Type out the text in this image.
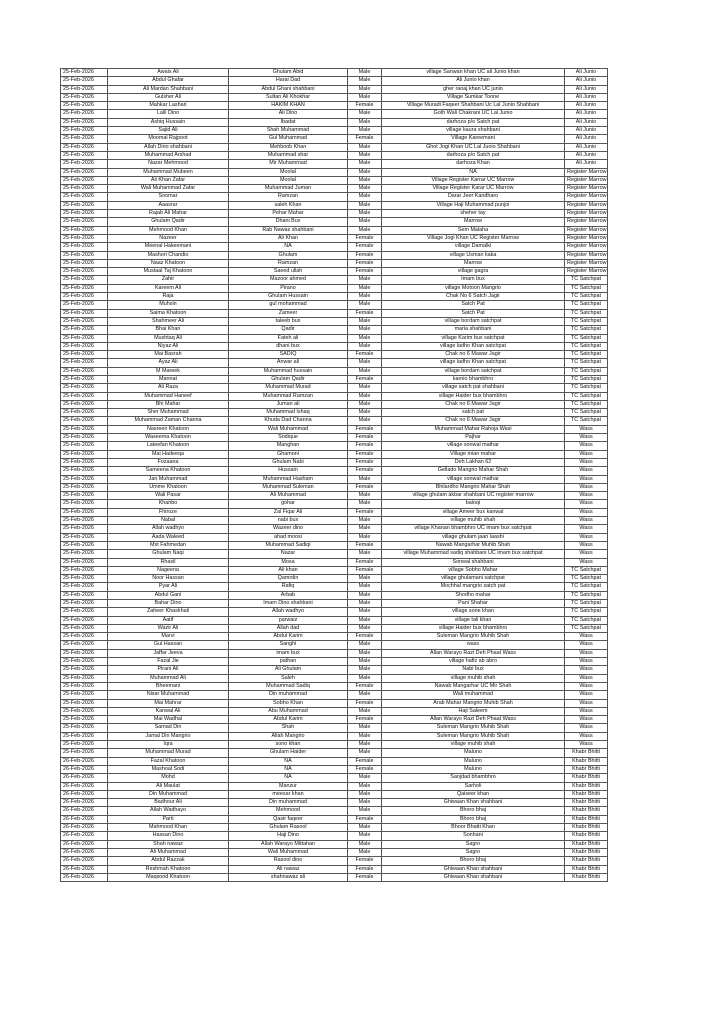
25-Feb-2026	Awais Ali	Ghulam Abid	Male	village Sanwan khan UC ali Junio khan	Ali Junio
25-Feb-2026	Abdul Ghafar	Haral Dad	Male	Ali Junio khan	Ali Junio
25-Feb-2026	Ali Mardan Shahbani	Abdul Ghani shahbani	Male	gher raoaj khan UC junio	Ali Junio
25-Feb-2026	Gulsher Ali	Sultan Ali Khokhar	Male	Village Sumkar Toone	Ali Junio
25-Feb-2026	Mahkar Lashari	HAKIM KHAN	Female	Village Muradi Faqeer Shahbani Uc Lal Junio Shahbani	Ali Junio
25-Feb-2026	Lalil Dino	Ali Dino	Male	Goth Wali Chakrani UC Lal Junio	Ali Junio
25-Feb-2026	Ashiq Hussain	Ibadat	Male	darhoza p/o Satch pat	Ali Junio
25-Feb-2026	Sajid Ali	Shah Muhammad	Male	village kaura shahbani	Ali Junio
25-Feb-2026	Moomal Rajpoot	Gul Muhammad	Female	Village Kareemani	Ali Junio
25-Feb-2026	Allah Dino shahbani	Mehboob Khan	Male	Ghot Jogi Khan UC Lal Junio Shahbani	Ali Junio
25-Feb-2026	Muhammad Arshad	Muhammad shar	Male	darhoza p/o Satch pat	Ali Junio
25-Feb-2026	Nazar Mehmood	Mir Muhammad	Male	darhoza Khan	Ali Junio
25-Feb-2026	Muhammad Mubeen	Moolal	Male	NA	Register Marrow
25-Feb-2026	Ali Khan Zafar	Moolal	Male	Village Register Karrar UC Marrow	Register Marrow
25-Feb-2026	Wali Muhammad Zafar	Muhammad Juman	Male	Village Register Karar UC Marrow	Register Marrow
25-Feb-2026	Soomar	Ramzan	Male	Darar Jeer Kandharo	Register Marrow
25-Feb-2026	Aaasrar	saleh Khan	Male	Village Haji Muhammad punjoi	Register Marrow
25-Feb-2026	Rajab Ali Mahar	Pehar Mahar	Male	sheher tay	Register Marrow
25-Feb-2026	Ghulam Qadir	Dhani Bux	Male	Marrow	Register Marrow
25-Feb-2026	Mehmood Khan	Rab Nawaz shahbani	Male	Sem Malaha	Register Marrow
25-Feb-2026	Nazeer	Ali Khan	Female	Village Jogi Khan UC Register Marrow	Register Marrow
25-Feb-2026	Meenal Hakeemani	NA	Female	village Damalki	Register Marrow
25-Feb-2026	Mashori Chandio	Ghulam	Female	village Usman kaka	Register Marrow
25-Feb-2026	Naaz Khatoon	Ramzan	Female	Marrow	Register Marrow
25-Feb-2026	Mustaal Taj Khatoon	Saeed ullah	Female	village gagra	Register Marrow
25-Feb-2026	Zahir	Mazoor ahmed	Male	Imam bux	TC Satchpat
25-Feb-2026	Kareem Ali	Pirano	Male	village Motoon Mangrio	TC Satchpat
25-Feb-2026	Raja	Ghulam Hussain	Male	Chak No 6 Satch Jagir	TC Satchpat
25-Feb-2026	Muhsin	gul mohammad	Male	Satch Pat	TC Satchpat
25-Feb-2026	Saima Khatoon	Zameer	Female	Satch Pat	TC Satchpat
25-Feb-2026	Shahmeer Ali	taleeb bux	Male	village bordam satchpat	TC Satchpat
25-Feb-2026	Bhai Khan	Qadir	Male	maria shahbani	TC Satchpat
25-Feb-2026	Mushtaq Ali	Fateh ali	Male	village Karim bux satchpat	TC Satchpat
25-Feb-2026	Niyaz Ali	dhani bux	Male	village ladho Khan satchpat	TC Satchpat
25-Feb-2026	Mai Basrah	SADIQ	Female	Chak no 6 Mawar Jagir	TC Satchpat
25-Feb-2026	Ayaz Ali	Anwar ali	Male	village ladho Khan satchpat	TC Satchpat
25-Feb-2026	M Mareek	Muhammad hussain	Male	village bordam satchpat	TC Satchpat
25-Feb-2026	Mannat	Ghulam Qadir	Female	karnio bhambhro	TC Satchpat
25-Feb-2026	Ali Raza	Muhammad Murad	Male	village satch pat shahbani	TC Satchpat
25-Feb-2026	Muhammad Haneef	Muhammad Ramzan	Male	village Haider bux bhambhro	TC Satchpat
25-Feb-2026	Bhi Mahar	Juman ali	Male	Chak no 6 Mawar Jagir	TC Satchpat
25-Feb-2026	Sher Muhammad	Muhammad Ishaq	Male	satch pat	TC Satchpat
25-Feb-2026	Muhammad Zaman Channa	Khuda Dad Channa	Male	Chak no 6 Mawar Jagir	TC Satchpat
25-Feb-2026	Nasreen Khatoon	Wali Muhammad	Female	Muhammad Mahar Rahoja Wasi	Wass
25-Feb-2026	Waseema Khatoon	Sodique	Female	Pajhar	Wass
25-Feb-2026	Lateefan Khatoon	Manghan	Female	village sonwal mathar	Wass
25-Feb-2026	Mai Hadeeqa	Ghamoni	Female	Village mian mahar	Wass
25-Feb-2026	Fozaana	Ghulam Nabi	Female	Deh Lakhan 62	Wass
25-Feb-2026	Sameena Khatoon	Hussain	Female	Gellado Mangrio Mahar Shah	Wass
25-Feb-2026	Jan Muhammad	Muhammad Hasham	Male	village sonwal mathar	Wass
25-Feb-2026	Umme Khatoon	Muhammad Suleman	Female	Bhilardho Mangrio Mahar Shah	Wass
25-Feb-2026	Wali Pasar	Ali Muhammad	Male	village ghulam akbar shahbani UC register marrow	Wass
25-Feb-2026	Khanbo	gohar	Male	baloqi	Wass
25-Feb-2026	Fhiroze	Zal Fiqar Ali	Female	village Ameer bux kanwal	Wass
25-Feb-2026	Nabal	nabi bux	Male	village muhib shah	Wass
25-Feb-2026	Allah wadhyo	Wazeer dino	Male	village Khanan bhambhro UC imam bux satchpat	Wass
25-Feb-2026	Aada Waleed	ahad moosi	Male	village ghulam jaan laashi	Wass
25-Feb-2026	Mst Fahmedan	Muhammad Sadiqi	Female	Nawab Mangarhar Muhib Shah	Wass
25-Feb-2026	Ghulam Naqi	Nazar	Male	village Muhammad sadiq shahbani UC imam bux satchpat	Wass
25-Feb-2026	Rhasil	Mosa	Female	Sonwal shahbani	Wass
25-Feb-2026	Nageena	Ali khan	Female	village Sobho Mahar	TC Satchpat
25-Feb-2026	Noor Hassan	Qamrdin	Male	village ghulamani satchpat	TC Satchpat
25-Feb-2026	Pyar Ali	Rafiq	Male	Mochhal mangrio satch pat	TC Satchpat
25-Feb-2026	Abdul Gani	Arbab	Male	Shodho mahar	TC Satchpat
25-Feb-2026	Bahar Dino	Imam Dino shahbani	Male	Pani Shahar	TC Satchpat
25-Feb-2026	Zaheer Khaskhali	Allah wadhyo	Male	village sone khan	TC Satchpat
25-Feb-2026	Aatif	parwaiz	Male	village tali khan	TC Satchpat
25-Feb-2026	Wazir Ali	Allah dad	Male	village Haider bux bhambhro	TC Satchpat
25-Feb-2026	Marvi	Abdul Karim	Female	Suleman Mangrio Muhib Shah	Wass
25-Feb-2026	Gul Hassan	Sanghi	Male	wass	Wass
25-Feb-2026	Jaffar Jeeva	imam bux	Male	Allan Warayo Razi Deh Phaat Wass	Wass
25-Feb-2026	Fazal Jie	pathan	Male	village hafiz ab abro	Wass
25-Feb-2026	Pirani Ali	Ali Ghulam	Male	Nabi bux	Wass
25-Feb-2026	Muhammad Ali	Saleh	Male	village muhib shah	Wass
25-Feb-2026	Bheemani	Muhammad Sadiq	Female	Nawab Mangarhar UC Mir Shah	Wass
25-Feb-2026	Nisar Muhammad	Din muhammad	Male	Wali muhammad	Wass
25-Feb-2026	Mai Mahrar	Sobho Khan	Female	Arab Mahar Mangrio Muhib Shah	Wass
25-Feb-2026	Kanwal Ali	Abu Muhammad	Male	Haji Saleem	Wass
25-Feb-2026	Mai Wadhal	Abdul Karim	Female	Allan Warayo Razi Deh Phaat Wass	Wass
25-Feb-2026	Samad Din	Shah	Male	Suleman Mangrio Muhib Shah	Wass
25-Feb-2026	Jamal Din Mangrio	Allah Mangrio	Male	Suleman Mangrio Muhib Shah	Wass
25-Feb-2026	Iqra	sono khan	Male	village muhib shah	Wass
25-Feb-2026	Muhammad Murad	Ghulam Haider	Male	Maluno	Khabr Bhitti
26-Feb-2026	Fazal Khatoon	NA	Female	Maluno	Khabr Bhitti
26-Feb-2026	Mashoal Sodi	NA	Female	Maluno	Khabr Bhitti
26-Feb-2026	Mohd	NA	Male	Sanjdad bhambhro	Khabr Bhitti
26-Feb-2026	Ali Maulat	Manzur	Male	Sarholi	Khabr Bhitti
26-Feb-2026	Din Muhammad	meesar khan	Male	Qaiseer khan	Khabr Bhitti
26-Feb-2026	Badhour Ali	Din muhammad	Male	Ghiwaan Khan shahbani	Khabr Bhitti
26-Feb-2026	Allah Wadhayo	Mehmood	Male	Bhoro bhaj	Khabr Bhitti
26-Feb-2026	Parti	Qasir faqeer	Female	Bhoro bhaj	Khabr Bhitti
26-Feb-2026	Mahmood Khan	Ghulam Rasool	Male	Bhoor Bhatti Khan	Khabr Bhitti
26-Feb-2026	Hassan Dino	Haji Dino	Male	Sonhani	Khabr Bhitti
26-Feb-2026	Shah nawaz	Allah Warayo Mittahan	Male	Sagro	Khabr Bhitti
26-Feb-2026	Ali Muhammad	Wali Muhammad	Male	Sagro	Khabr Bhitti
26-Feb-2026	Abdul Razzak	Rasool dino	Female	Bhoro bhaj	Khabr Bhitti
26-Feb-2026	Reshmah Khatoon	Ali nawaz	Female	Ghiwaan Khan shahbani	Khabr Bhitti
26-Feb-2026	Maqsood Khatoon	shahnawaz ali	Female	Ghiwaan Khan shahbani	Khabr Bhitti
